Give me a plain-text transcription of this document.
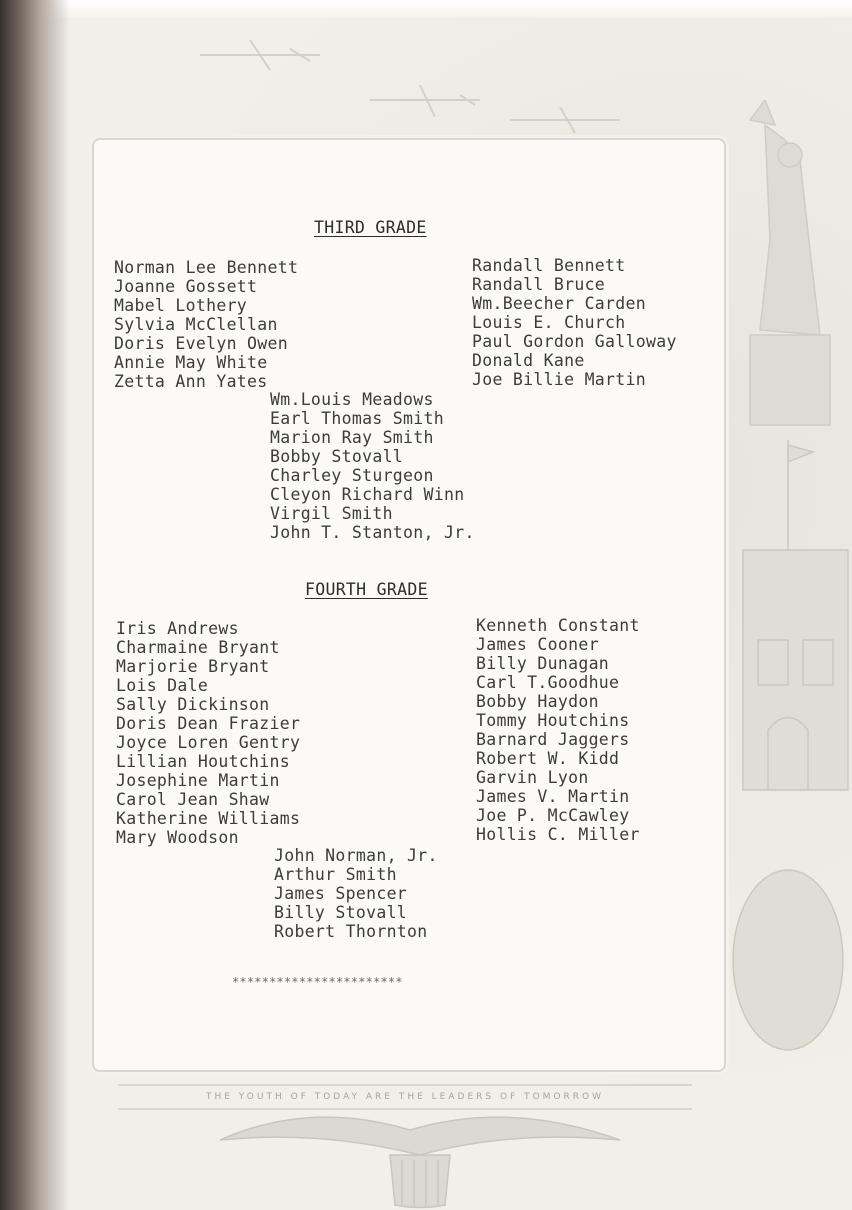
THIRD GRADE
Norman Lee Bennett
Joanne Gossett
Mabel Lothery
Sylvia McClellan
Doris Evelyn Owen
Annie May White
Zetta Ann Yates
Randall Bennett
Randall Bruce
Wm.Beecher Carden
Louis E. Church
Paul Gordon Galloway
Donald Kane
Joe Billie Martin
Wm.Louis Meadows
Earl Thomas Smith
Marion Ray Smith
Bobby Stovall
Charley Sturgeon
Cleyon Richard Winn
Virgil Smith
John T. Stanton, Jr.
FOURTH GRADE
Iris Andrews
Charmaine Bryant
Marjorie Bryant
Lois Dale
Sally Dickinson
Doris Dean Frazier
Joyce Loren Gentry
Lillian Houtchins
Josephine Martin
Carol Jean Shaw
Katherine Williams
Mary Woodson
Kenneth Constant
James Cooner
Billy Dunagan
Carl T.Goodhue
Bobby Haydon
Tommy Houtchins
Barnard Jaggers
Robert W. Kidd
Garvin Lyon
James V. Martin
Joe P. McCawley
Hollis C. Miller
John Norman, Jr.
Arthur Smith
James Spencer
Billy Stovall
Robert Thornton
***********************
THE YOUTH OF TODAY ARE THE LEADERS OF TOMORROW
